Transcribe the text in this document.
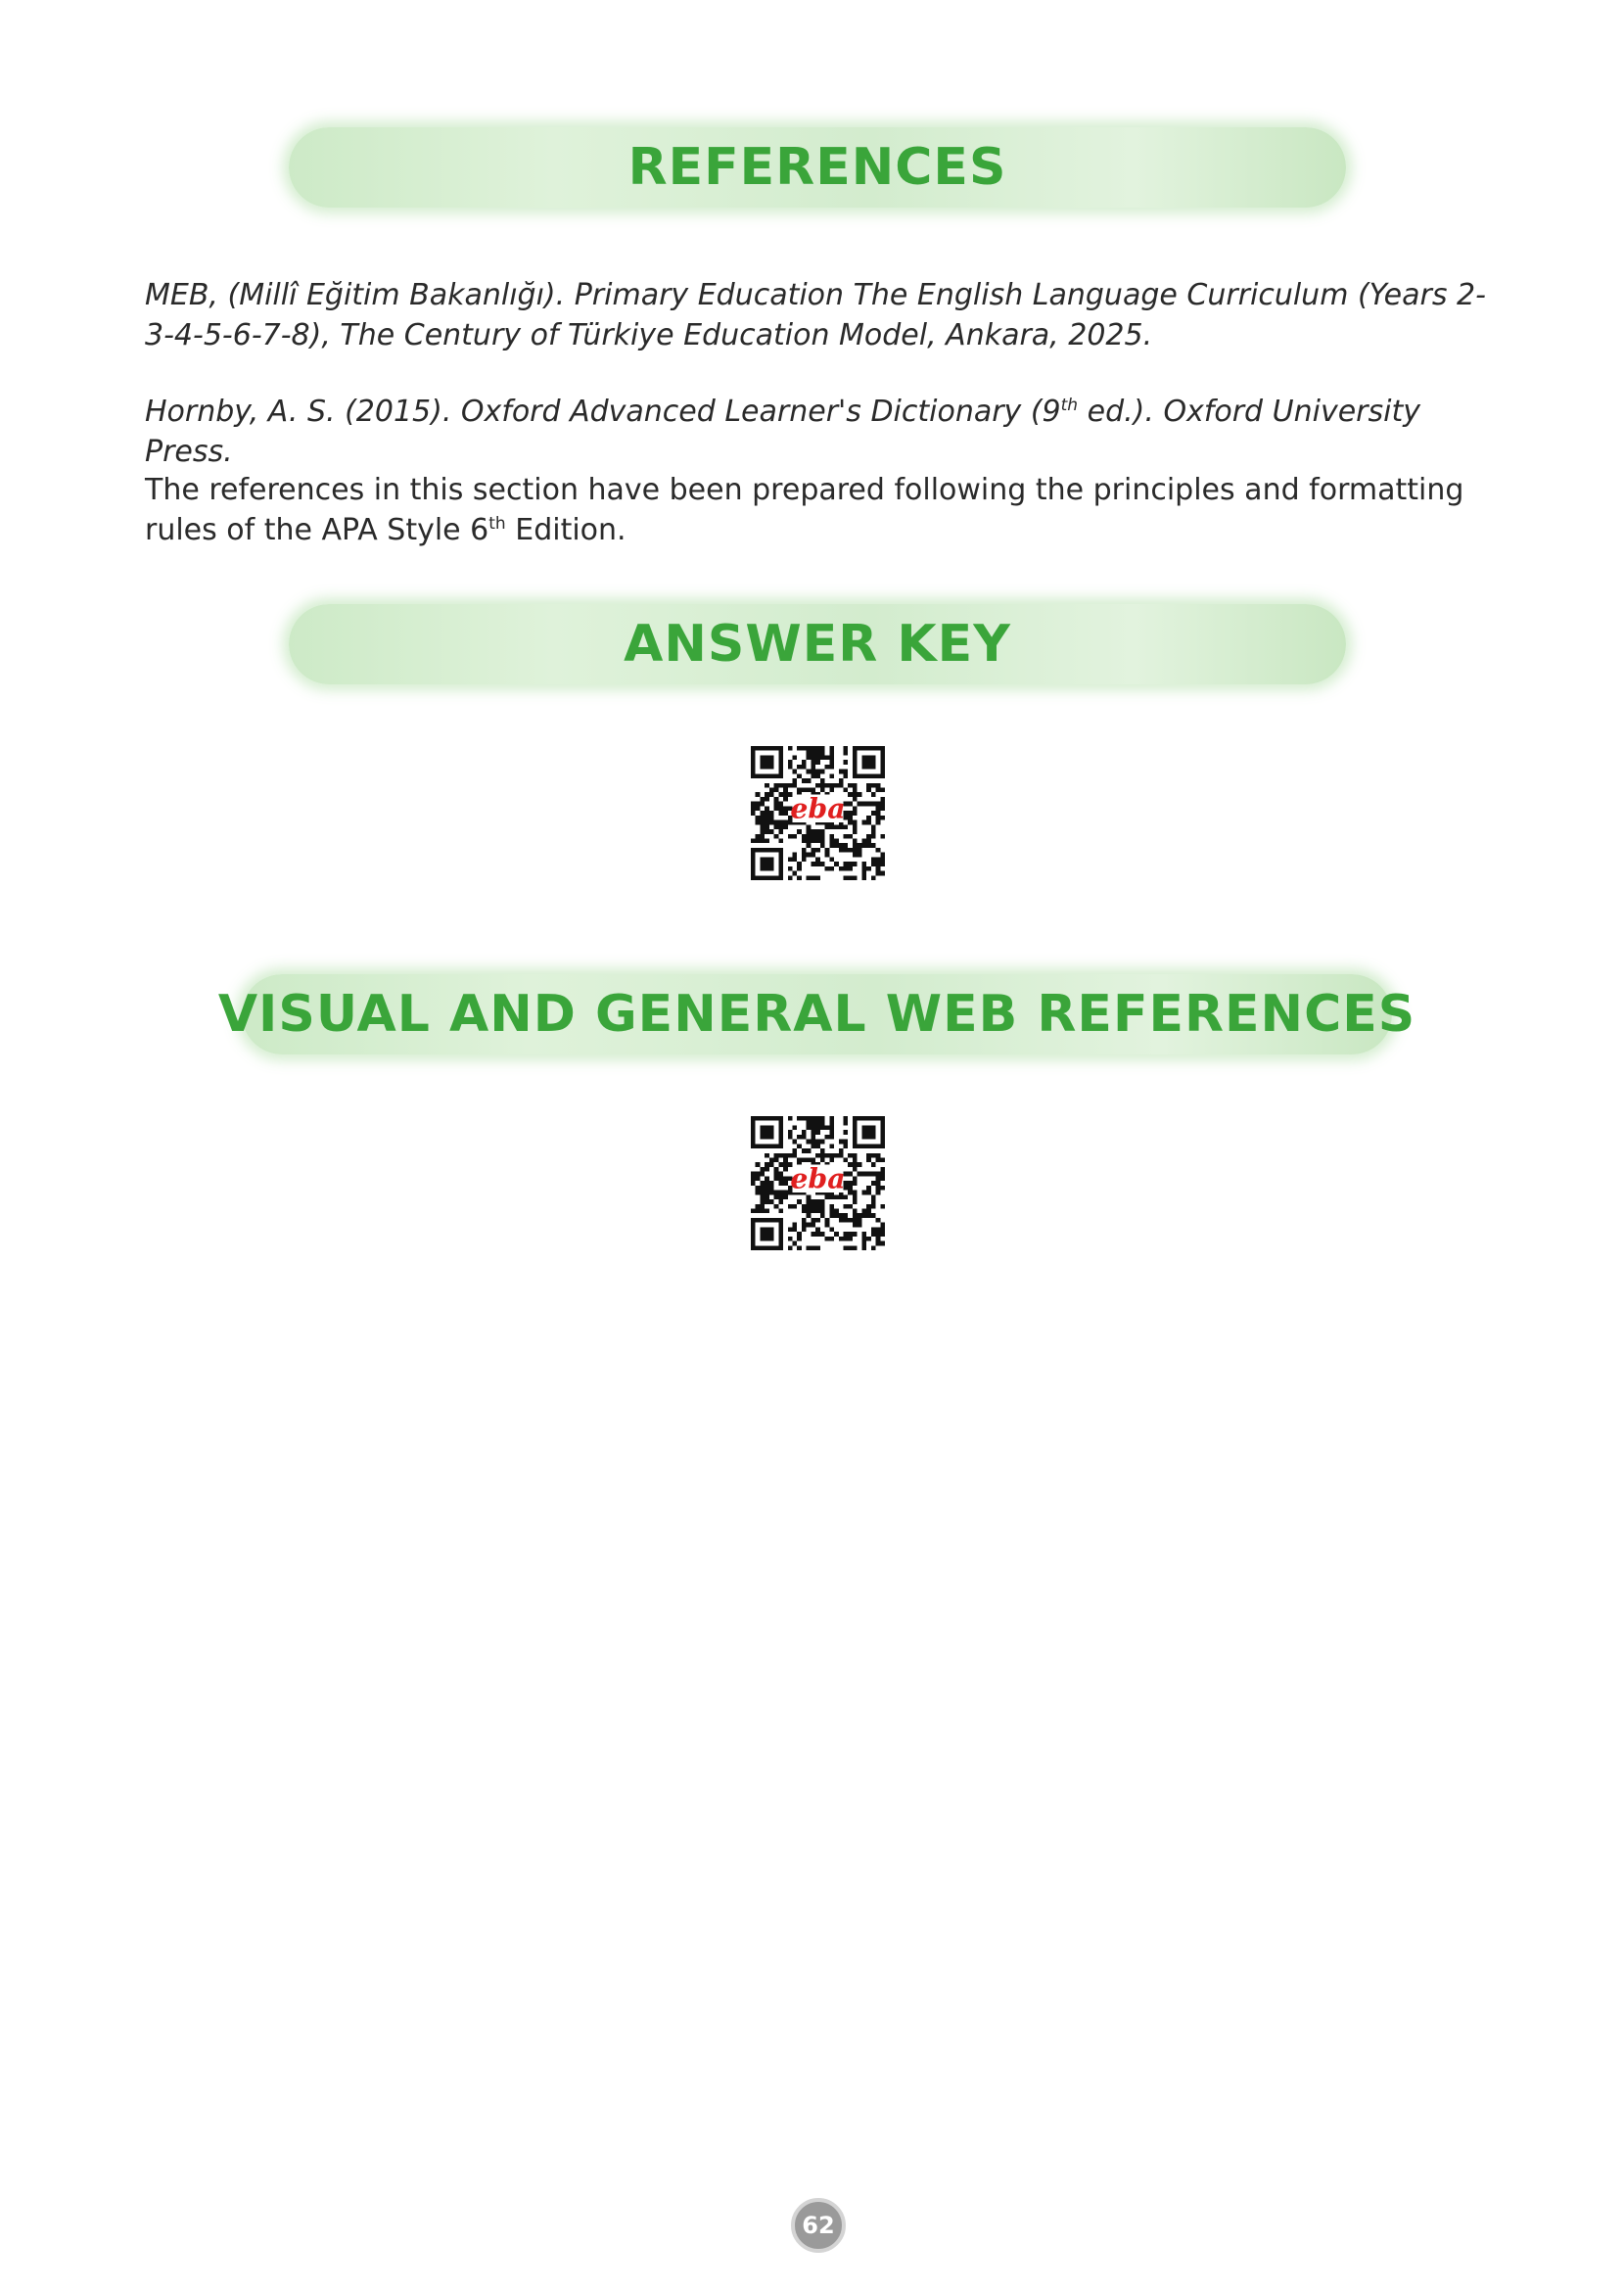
REFERENCES

MEB, (Millî Eğitim Bakanlığı). Primary Education The English Language Curriculum (Years 2-3-4-5-6-7-8), The Century of Türkiye Education Model, Ankara, 2025.

Hornby, A. S. (2015). Oxford Advanced Learner's Dictionary (9th ed.). Oxford University Press.

The references in this section have been prepared following the principles and formatting rules of the APA Style 6th Edition.

ANSWER KEY
eba
VISUAL AND GENERAL WEB REFERENCES
eba
62
